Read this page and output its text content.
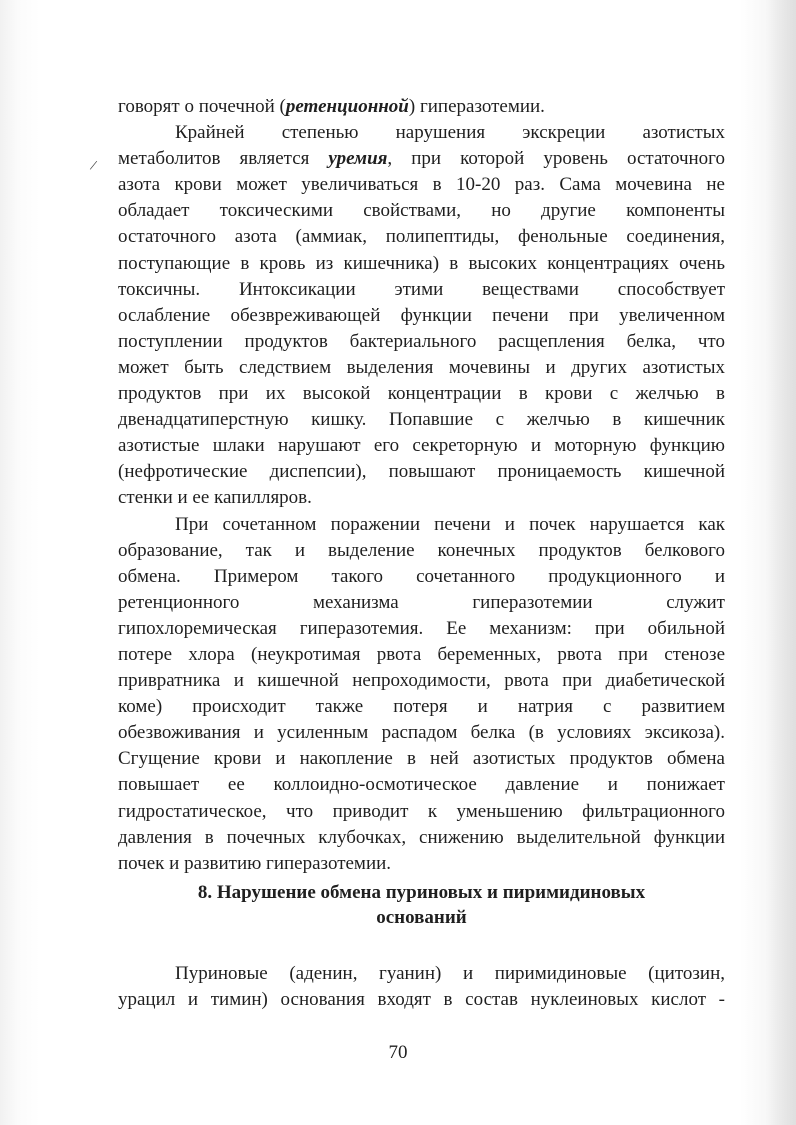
/
говорят о почечной (ретенционной) гиперазотемии.
Крайней степенью нарушения экскреции азотистых
метаболитов является уремия, при которой уровень остаточного
азота крови может увеличиваться в 10-20 раз. Сама мочевина не
обладает токсическими свойствами, но другие компоненты
остаточного азота (аммиак, полипептиды, фенольные соединения,
поступающие в кровь из кишечника) в высоких концентрациях очень
токсичны. Интоксикации этими веществами способствует
ослабление обезвреживающей функции печени при увеличенном
поступлении продуктов бактериального расщепления белка, что
может быть следствием выделения мочевины и других азотистых
продуктов при их высокой концентрации в крови с желчью в
двенадцатиперстную кишку. Попавшие с желчью в кишечник
азотистые шлаки нарушают его секреторную и моторную функцию
(нефротические диспепсии), повышают проницаемость кишечной
стенки и ее капилляров.
При сочетанном поражении печени и почек нарушается как
образование, так и выделение конечных продуктов белкового
обмена. Примером такого сочетанного продукционного и
ретенционного механизма гиперазотемии служит
гипохлоремическая гиперазотемия. Ее механизм: при обильной
потере хлора (неукротимая рвота беременных, рвота при стенозе
привратника и кишечной непроходимости, рвота при диабетической
коме) происходит также потеря и натрия с развитием
обезвоживания и усиленным распадом белка (в условиях эксикоза).
Сгущение крови и накопление в ней азотистых продуктов обмена
повышает ее коллоидно-осмотическое давление и понижает
гидростатическое, что приводит к уменьшению фильтрационного
давления в почечных клубочках, снижению выделительной функции
почек и развитию гиперазотемии.
8. Нарушение обмена пуриновых и пиримидиновых
оснований
Пуриновые (аденин, гуанин) и пиримидиновые (цитозин,
урацил и тимин) основания входят в состав нуклеиновых кислот -
70
